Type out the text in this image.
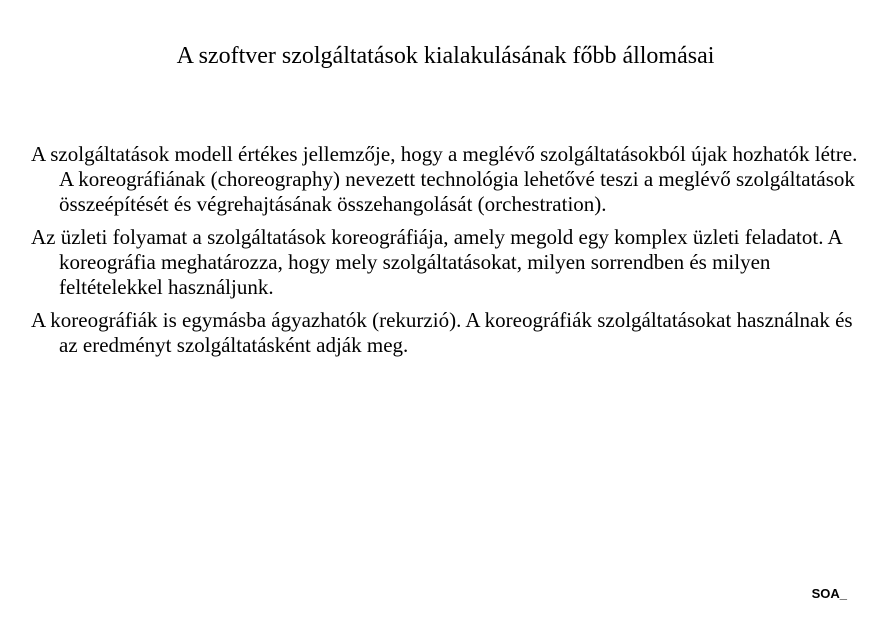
A szoftver szolgáltatások kialakulásának főbb állomásai

A szolgáltatások modell értékes jellemzője, hogy a meglévő szolgáltatásokból újak hozhatók létre. A koreográfiának (choreography) nevezett technológia lehetővé teszi a meglévő szolgáltatások összeépítését és végrehajtásának összehangolását (orchestration).

Az üzleti folyamat a szolgáltatások koreográfiája, amely megold egy komplex üzleti feladatot. A koreográfia meghatározza, hogy mely szolgáltatásokat, milyen sorrendben és milyen feltételekkel használjunk.

A koreográfiák is egymásba ágyazhatók (rekurzió). A koreográfiák szolgáltatásokat használnak és az eredményt szolgáltatásként adják meg.

SOA_
